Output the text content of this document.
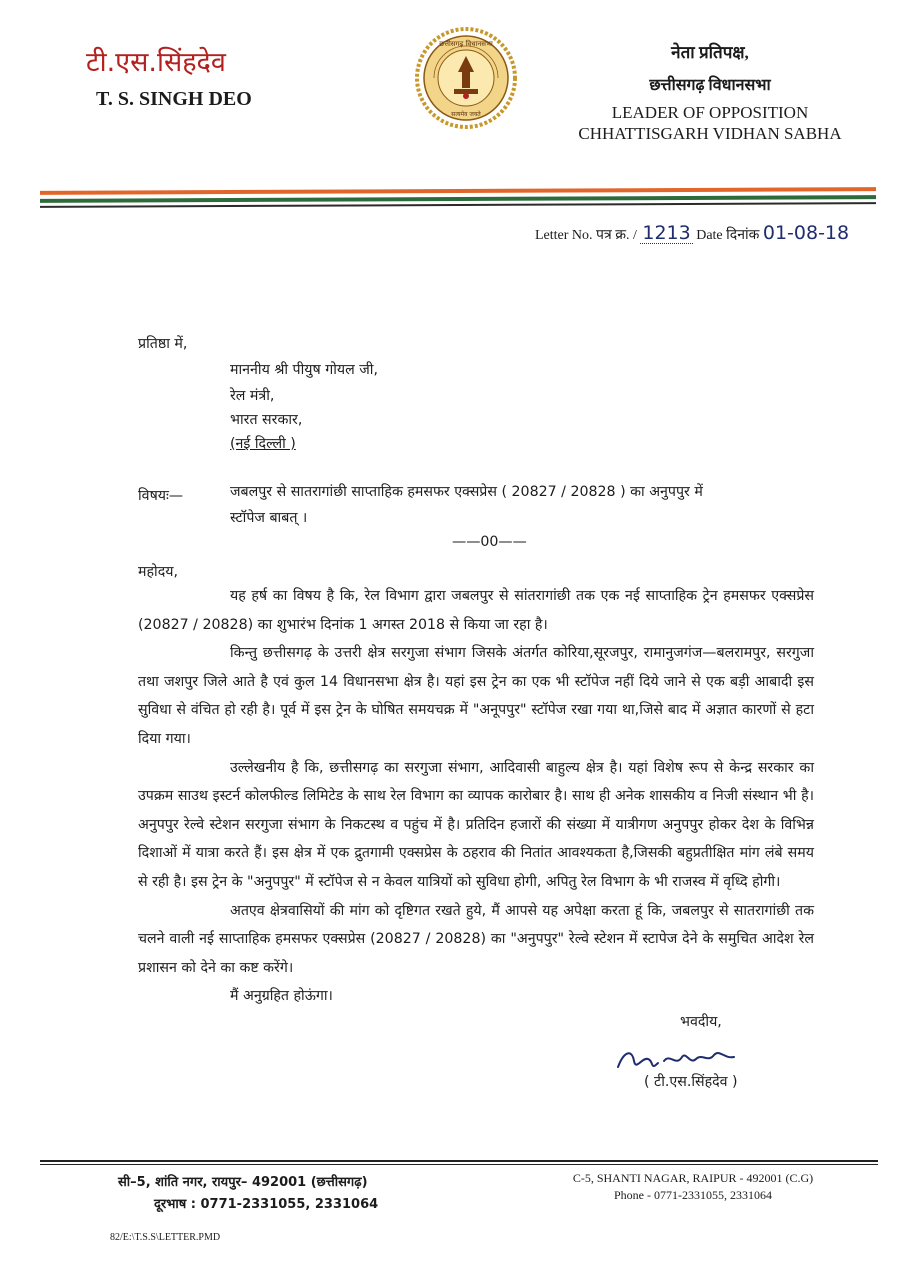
टी.एस.सिंहदेव
T. S. SINGH DEO
छत्तीसगढ़ विधानसभा
सत्यमेव जयते
नेता प्रतिपक्ष,
छत्तीसगढ़ विधानसभा
LEADER OF OPPOSITION
CHHATTISGARH VIDHAN SABHA
Letter No. पत्र क्र. / 1213 Date दिनांक 01-08-18
प्रतिष्ठा में,
माननीय श्री पीयुष गोयल जी,
रेल मंत्री,
भारत सरकार,
(नई दिल्ली )
विषयः—	जबलपुर से सातरागांछी साप्ताहिक हमसफर एक्सप्रेस ( 20827 / 20828 ) का अनुपपुर में
स्टॉपेज बाबत् ।
——00——
महोदय,

यह हर्ष का विषय है कि, रेल विभाग द्वारा जबलपुर से सांतरागांछी तक एक नई साप्ताहिक ट्रेन हमसफर एक्सप्रेस (20827 / 20828) का शुभारंभ दिनांक 1 अगस्त 2018 से किया जा रहा है।

किन्तु छत्तीसगढ़ के उत्तरी क्षेत्र सरगुजा संभाग जिसके अंतर्गत कोरिया,सूरजपुर, रामानुजगंज—बलरामपुर, सरगुजा तथा जशपुर जिले आते है एवं कुल 14 विधानसभा क्षेत्र है। यहां इस ट्रेन का एक भी स्टॉपेज नहीं दिये जाने से एक बड़ी आबादी इस सुविधा से वंचित हो रही है। पूर्व में इस ट्रेन के घोषित समयचक्र में "अनूपपुर" स्टॉपेज रखा गया था,जिसे बाद में अज्ञात कारणों से हटा दिया गया।

उल्लेखनीय है कि, छत्तीसगढ़ का सरगुजा संभाग, आदिवासी बाहुल्य क्षेत्र है। यहां विशेष रूप से केन्द्र सरकार का उपक्रम साउथ इस्टर्न कोलफील्ड लिमिटेड के साथ रेल विभाग का व्यापक कारोबार है। साथ ही अनेक शासकीय व निजी संस्थान भी है। अनुपपुर रेल्वे स्टेशन सरगुजा संभाग के निकटस्थ व पहुंच में है। प्रतिदिन हजारों की संख्या में यात्रीगण अनुपपुर होकर देश के विभिन्न दिशाओं में यात्रा करते हैं। इस क्षेत्र में एक द्रुतगामी एक्सप्रेस के ठहराव की नितांत आवश्यकता है,जिसकी बहुप्रतीक्षित मांग लंबे समय से रही है। इस ट्रेन के "अनुपपुर" में स्टॉपेज से न केवल यात्रियों को सुविधा होगी, अपितु रेल विभाग के भी राजस्व में वृध्दि होगी।

अतएव क्षेत्रवासियों की मांग को दृष्टिगत रखते हुये, मैं आपसे यह अपेक्षा करता हूं कि, जबलपुर से सातरागांछी तक चलने वाली नई साप्ताहिक हमसफर एक्सप्रेस (20827 / 20828) का "अनुपपुर" रेल्वे स्टेशन में स्टापेज देने के समुचित आदेश रेल प्रशासन को देने का कष्ट करेंगे।

मैं अनुग्रहित होऊंगा।

भवदीय,
( टी.एस.सिंहदेव )
सी–5, शांति नगर, रायपुर– 492001 (छत्तीसगढ़)
दूरभाष : 0771-2331055, 2331064
C-5, SHANTI NAGAR, RAIPUR - 492001 (C.G)
Phone - 0771-2331055, 2331064
82/E:\T.S.S\LETTER.PMD
